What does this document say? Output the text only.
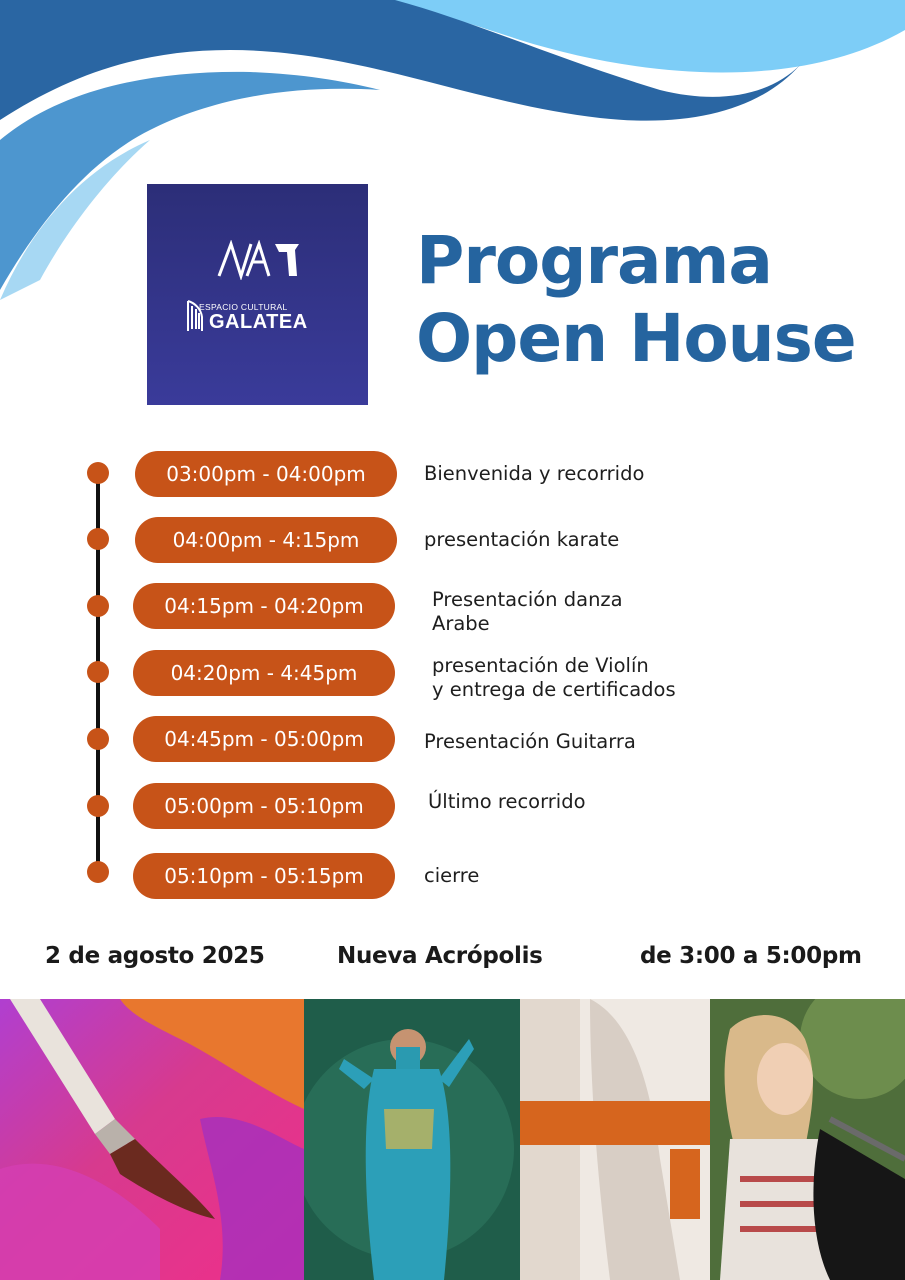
ESPACIO CULTURAL
GALATEA
Programa
Open House
03:00pm - 04:00pm	Bienvenida y recorrido
04:00pm - 4:15pm	presentación karate
04:15pm - 04:20pm	Presentación danza
Arabe
04:20pm - 4:45pm	presentación de Violín
y entrega de certificados
04:45pm - 05:00pm	Presentación Guitarra
05:00pm - 05:10pm	Último recorrido
05:10pm - 05:15pm	cierre
2 de agosto 2025	Nueva Acrópolis	de 3:00 a 5:00pm
